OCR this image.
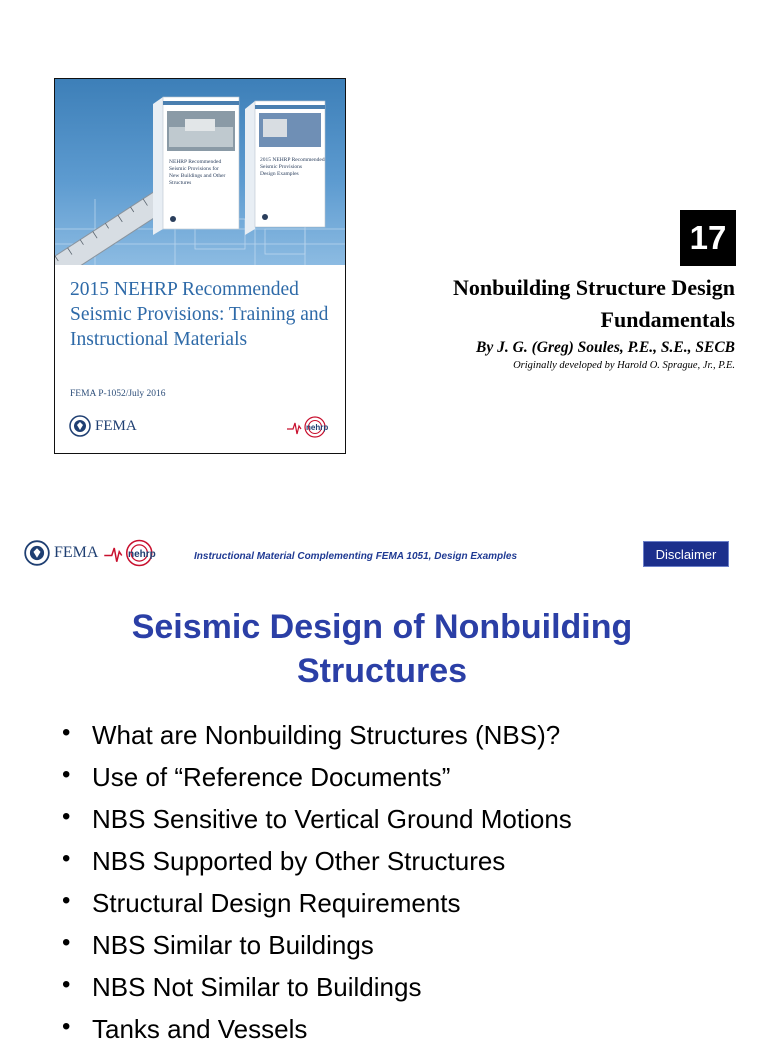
NEHRP Recommended
Seismic Provisions for
New Buildings and Other
Structures
2015 NEHRP Recommended
Seismic Provisions
Design Examples
2015 NEHRP Recommended Seismic Provisions: Training and Instructional Materials
FEMA P-1052/July 2016
FEMA	nehrp
17
Nonbuilding Structure Design
Fundamentals
By J. G. (Greg) Soules, P.E., S.E., SECB
Originally developed by Harold O. Sprague, Jr., P.E.
FEMA	nehrp	Instructional Material Complementing FEMA 1051, Design Examples	Disclaimer
Seismic Design of Nonbuilding
Structures
• What are Nonbuilding Structures (NBS)?
• Use of “Reference Documents”
• NBS Sensitive to Vertical Ground Motions
• NBS Supported by Other Structures
• Structural Design Requirements
• NBS Similar to Buildings
• NBS Not Similar to Buildings
• Tanks and Vessels
